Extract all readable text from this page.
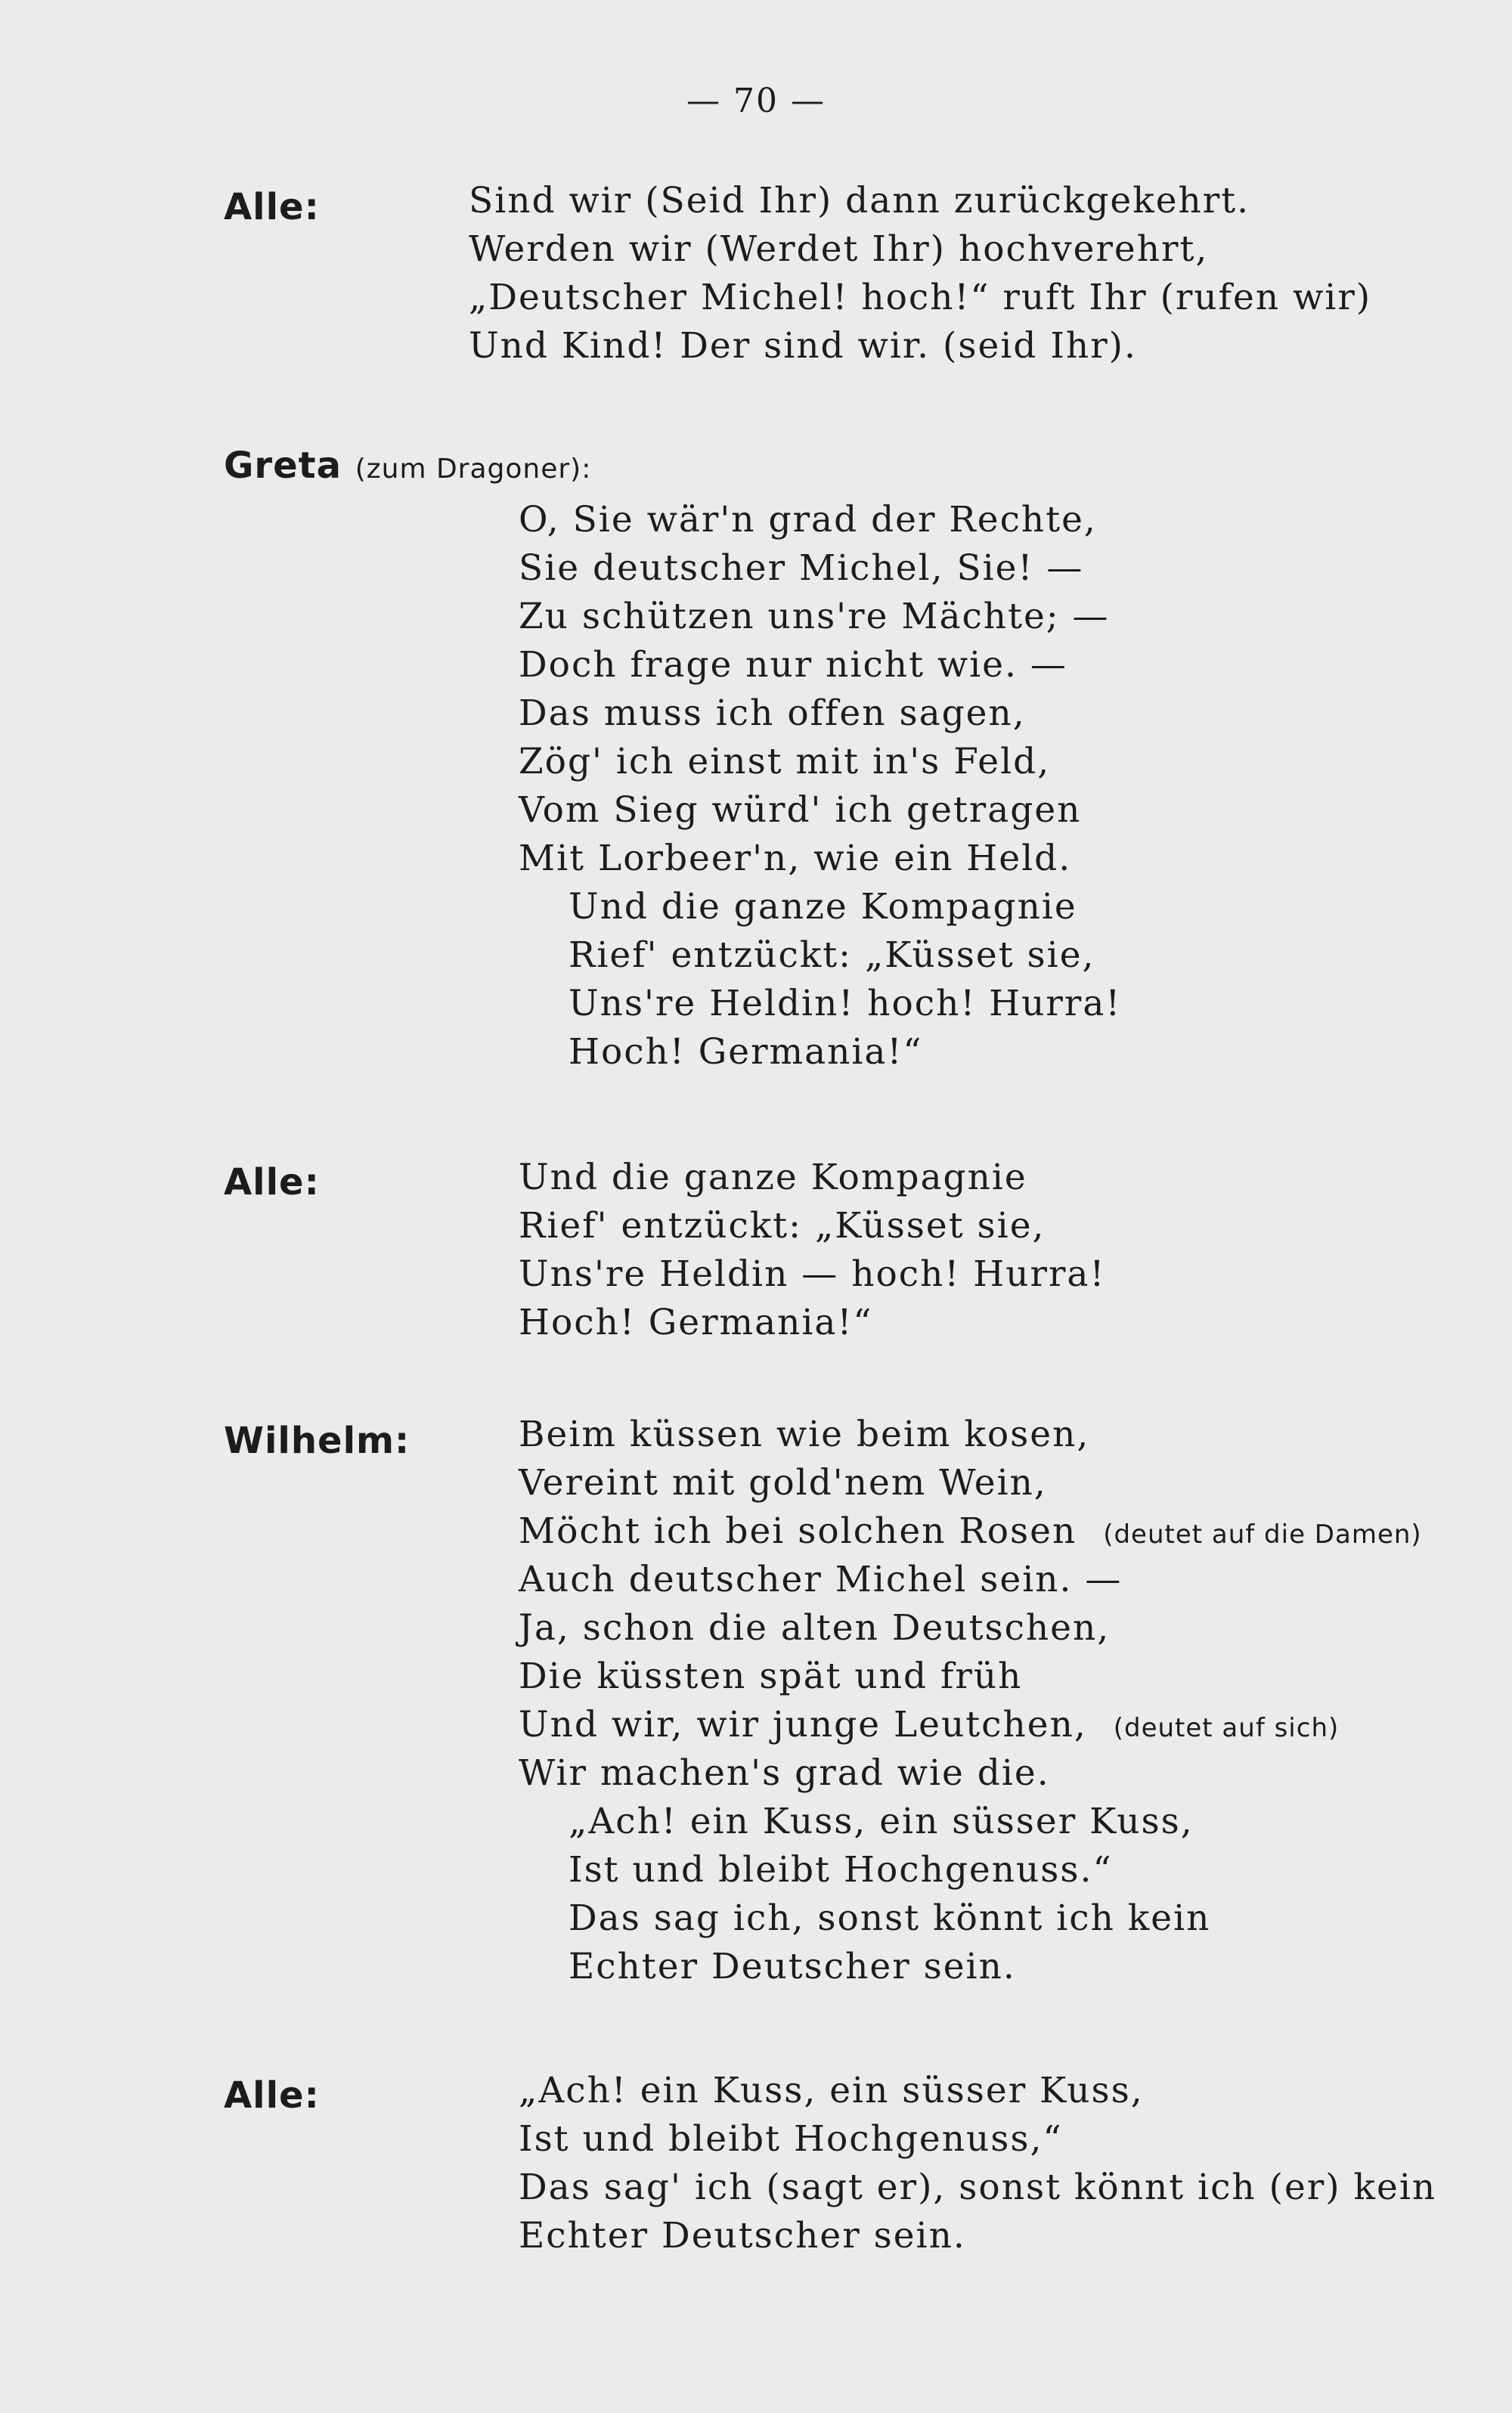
— 70 —
Alle:	Sind wir (Seid Ihr) dann zurückgekehrt.
Werden wir (Werdet Ihr) hochverehrt,
„Deutscher Michel! hoch!“ ruft Ihr (rufen wir)
Und Kind! Der sind wir. (seid Ihr).
Greta (zum Dragoner):
O, Sie wär'n grad der Rechte,
Sie deutscher Michel, Sie! —
Zu schützen uns're Mächte; —
Doch frage nur nicht wie. —
Das muss ich offen sagen,
Zög' ich einst mit in's Feld,
Vom Sieg würd' ich getragen
Mit Lorbeer'n, wie ein Held.
Und die ganze Kompagnie
Rief' entzückt: „Küsset sie,
Uns're Heldin! hoch! Hurra!
Hoch! Germania!“
Alle:	Und die ganze Kompagnie
Rief' entzückt: „Küsset sie,
Uns're Heldin — hoch! Hurra!
Hoch! Germania!“
Wilhelm:	Beim küssen wie beim kosen,
Vereint mit gold'nem Wein,
Möcht ich bei solchen Rosen (deutet auf die Damen)
Auch deutscher Michel sein. —
Ja, schon die alten Deutschen,
Die küssten spät und früh
Und wir, wir junge Leutchen, (deutet auf sich)
Wir machen's grad wie die.
„Ach! ein Kuss, ein süsser Kuss,
Ist und bleibt Hochgenuss.“
Das sag ich, sonst könnt ich kein
Echter Deutscher sein.
Alle:	„Ach! ein Kuss, ein süsser Kuss,
Ist und bleibt Hochgenuss,“
Das sag' ich (sagt er), sonst könnt ich (er) kein
Echter Deutscher sein.
